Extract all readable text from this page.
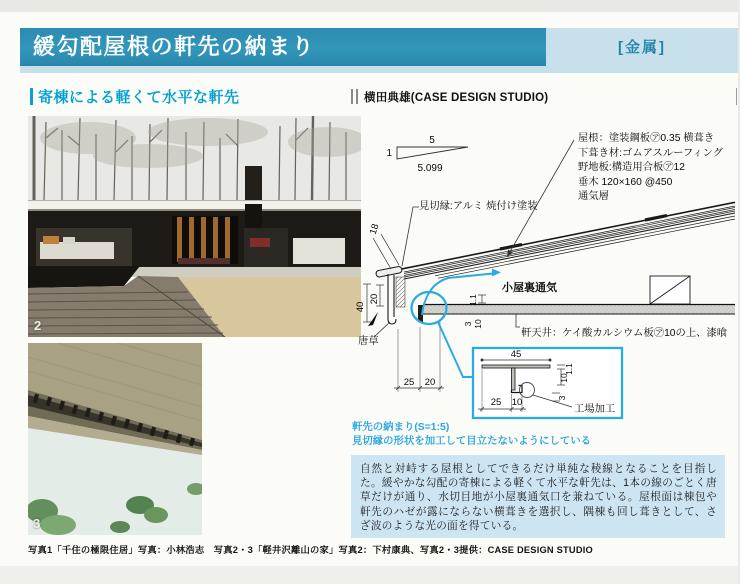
緩勾配屋根の軒先の納まり	[金属]
寄棟による軽くて水平な軒先	横田典雄(CASE DESIGN STUDIO)
2
3
5
1
5.099
18
40
20
25 20
1.1
3 10
唐草
小屋裏通気
45
1.1
10
3
25 10
工場加工
屋根：塗装鋼板㋐0.35 横葺き
下葺き材:ゴムアスルーフィング
野地板:構造用合板㋐12
垂木 120×160 @450
通気層
見切縁:アルミ 焼付け塗装
軒天井：ケイ酸カルシウム板㋐10の上、漆喰
軒先の納まり(S=1:5)
見切縁の形状を加工して目立たないようにしている
自然と対峙する屋根としてできるだけ単純な稜線となることを目指した。緩やかな勾配の寄棟による軽くて水平な軒先は、1本の線のごとく唐草だけが通り、水切目地が小屋裏通気口を兼ねている。屋根面は棟包や軒先のハゼが露にならない横葺きを選択し、隅棟も回し葺きとして、さざ波のような光の面を得ている。
写真1「千住の極限住居」写真：小林浩志　写真2・3「軽井沢離山の家」写真2：下村康典、写真2・3提供：CASE DESIGN STUDIO
